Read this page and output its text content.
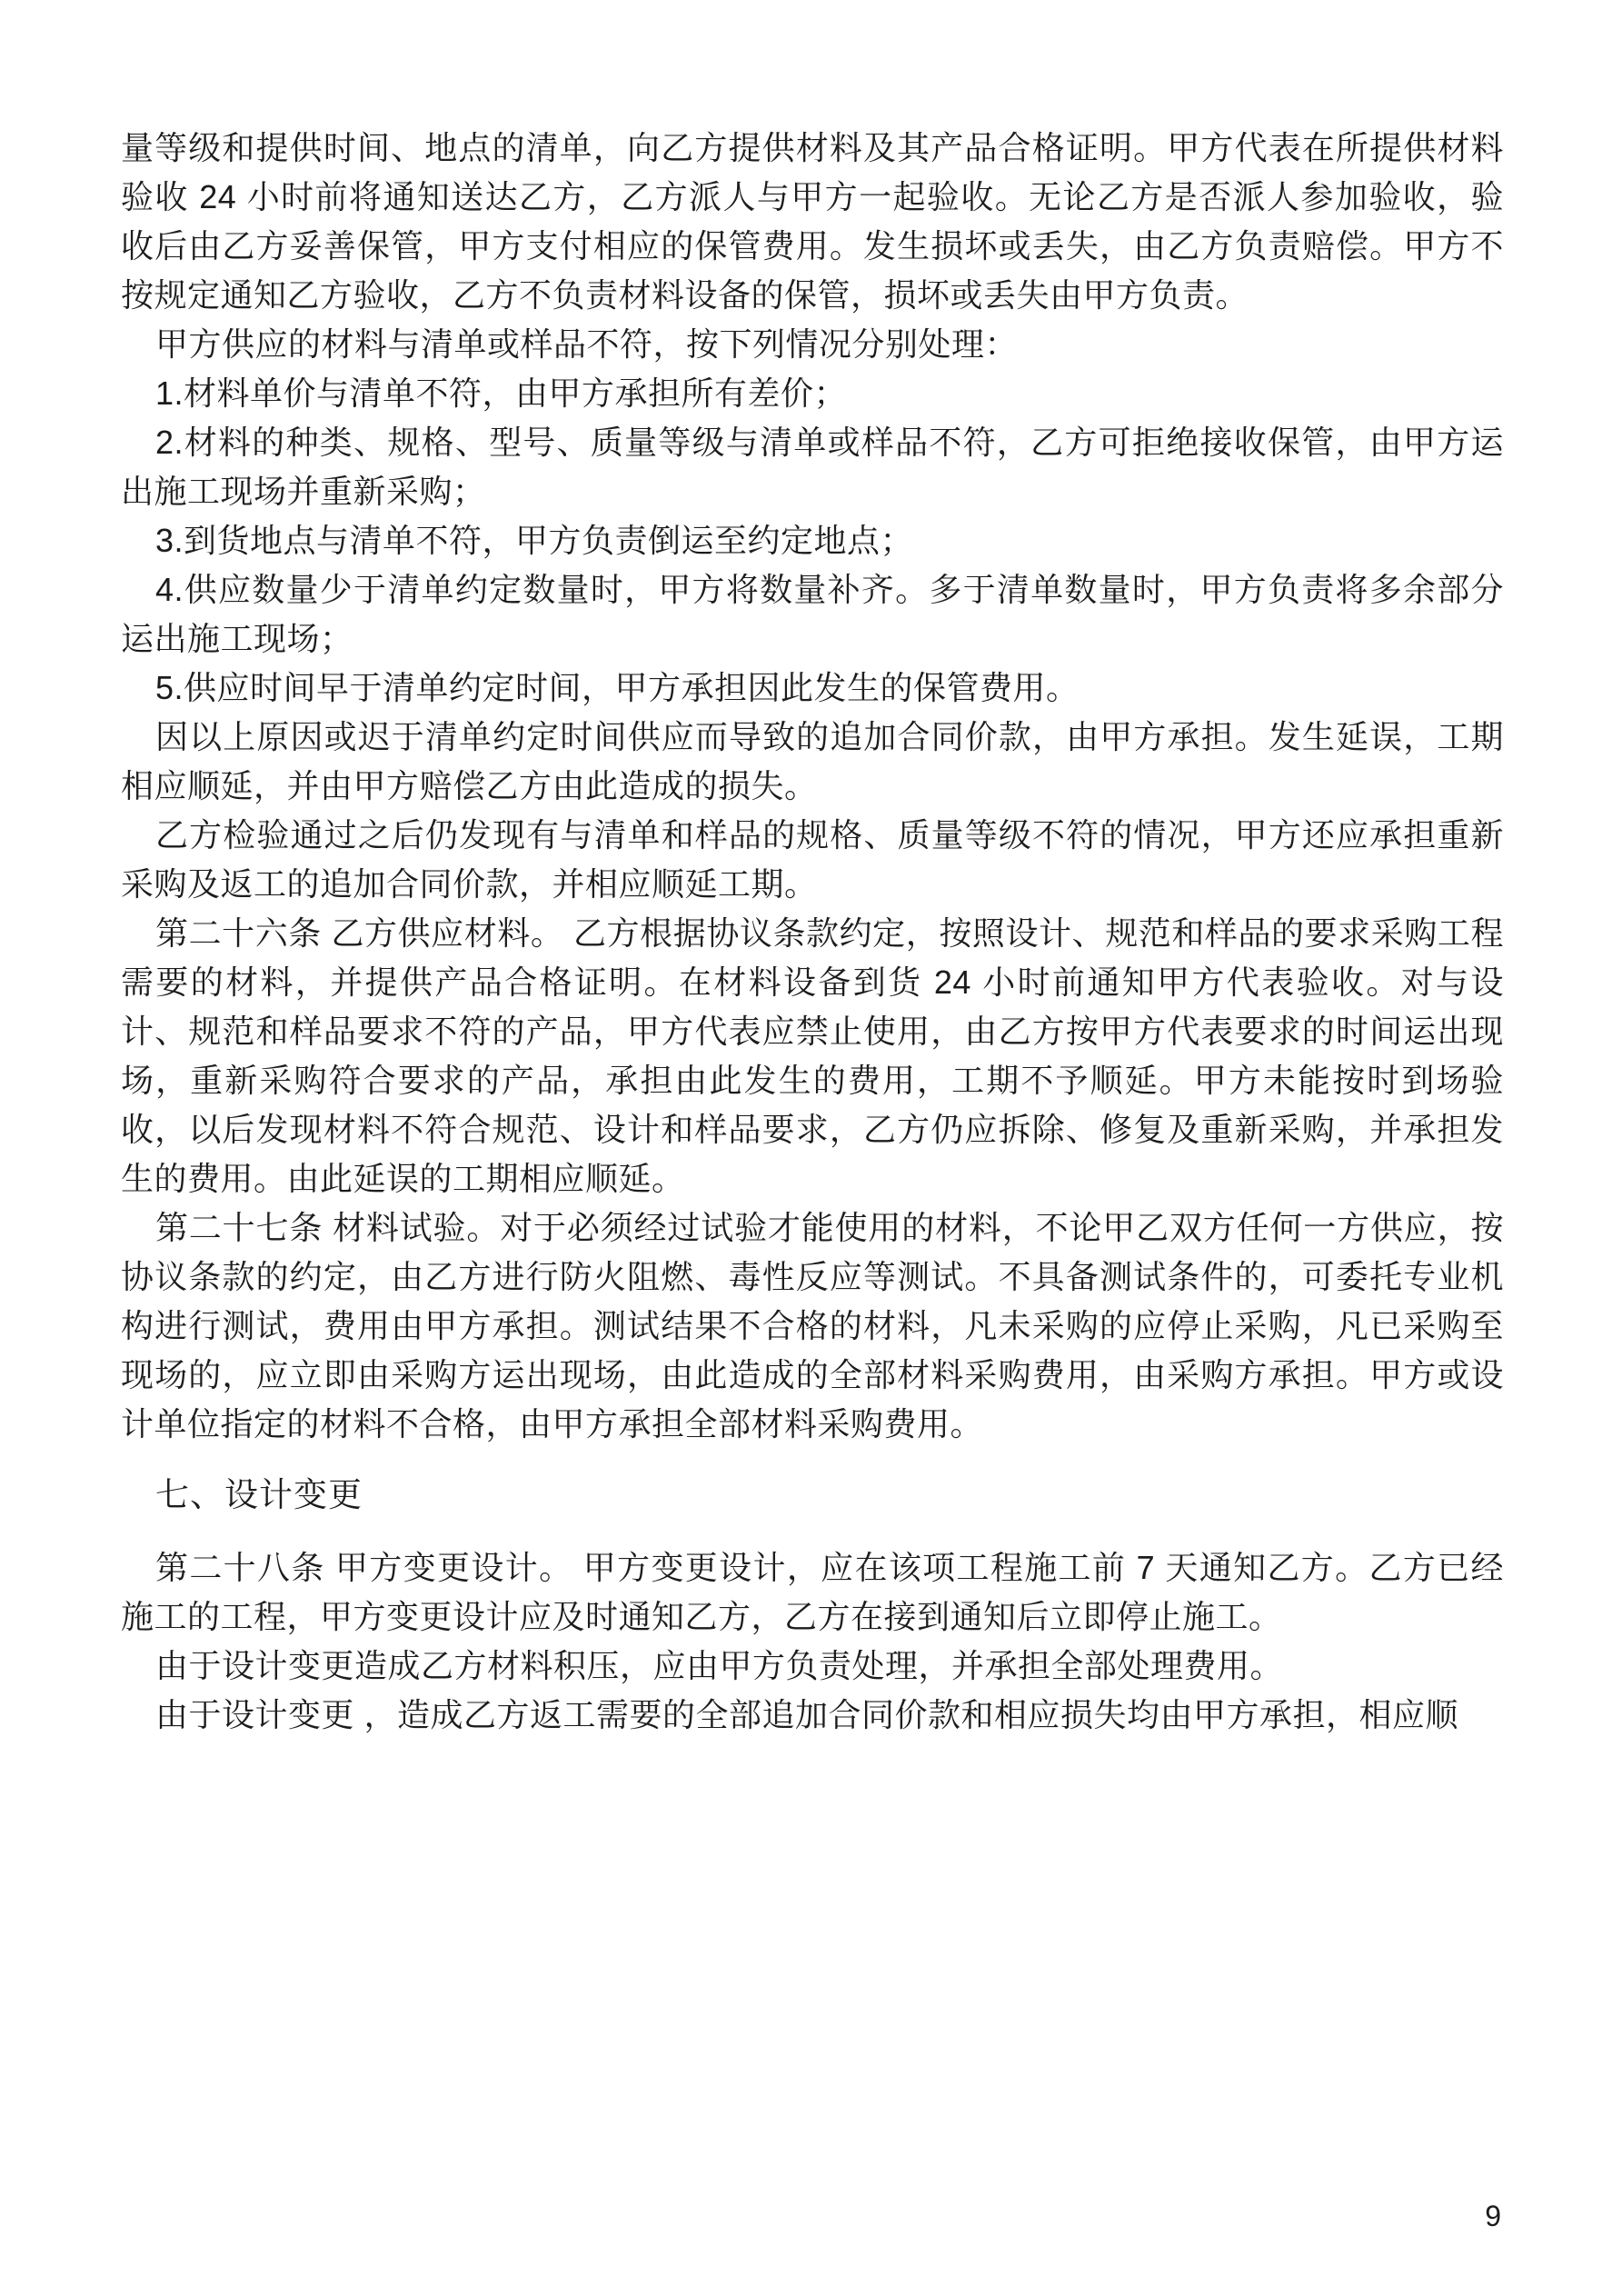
量等级和提供时间、地点的清单，向乙方提供材料及其产品合格证明。甲方代表在所提供材料验收 24 小时前将通知送达乙方，乙方派人与甲方一起验收。无论乙方是否派人参加验收，验收后由乙方妥善保管，甲方支付相应的保管费用。发生损坏或丢失，由乙方负责赔偿。甲方不按规定通知乙方验收，乙方不负责材料设备的保管，损坏或丢失由甲方负责。

甲方供应的材料与清单或样品不符，按下列情况分别处理：

1.材料单价与清单不符，由甲方承担所有差价；

2.材料的种类、规格、型号、质量等级与清单或样品不符，乙方可拒绝接收保管，由甲方运出施工现场并重新采购；

3.到货地点与清单不符，甲方负责倒运至约定地点；

4.供应数量少于清单约定数量时，甲方将数量补齐。多于清单数量时，甲方负责将多余部分运出施工现场；

5.供应时间早于清单约定时间，甲方承担因此发生的保管费用。

因以上原因或迟于清单约定时间供应而导致的追加合同价款，由甲方承担。发生延误，工期相应顺延，并由甲方赔偿乙方由此造成的损失。

乙方检验通过之后仍发现有与清单和样品的规格、质量等级不符的情况，甲方还应承担重新采购及返工的追加合同价款，并相应顺延工期。

第二十六条 乙方供应材料。 乙方根据协议条款约定，按照设计、规范和样品的要求采购工程需要的材料，并提供产品合格证明。在材料设备到货 24 小时前通知甲方代表验收。对与设计、规范和样品要求不符的产品，甲方代表应禁止使用，由乙方按甲方代表要求的时间运出现场，重新采购符合要求的产品，承担由此发生的费用，工期不予顺延。甲方未能按时到场验收，以后发现材料不符合规范、设计和样品要求，乙方仍应拆除、修复及重新采购，并承担发生的费用。由此延误的工期相应顺延。

第二十七条 材料试验。对于必须经过试验才能使用的材料，不论甲乙双方任何一方供应，按协议条款的约定，由乙方进行防火阻燃、毒性反应等测试。不具备测试条件的，可委托专业机构进行测试，费用由甲方承担。测试结果不合格的材料，凡未采购的应停止采购，凡已采购至现场的，应立即由采购方运出现场，由此造成的全部材料采购费用，由采购方承担。甲方或设计单位指定的材料不合格，由甲方承担全部材料采购费用。

七、设计变更

第二十八条 甲方变更设计。 甲方变更设计，应在该项工程施工前 7 天通知乙方。乙方已经施工的工程，甲方变更设计应及时通知乙方，乙方在接到通知后立即停止施工。

由于设计变更造成乙方材料积压，应由甲方负责处理，并承担全部处理费用。

由于设计变更 ，造成乙方返工需要的全部追加合同价款和相应损失均由甲方承担，相应顺

9
